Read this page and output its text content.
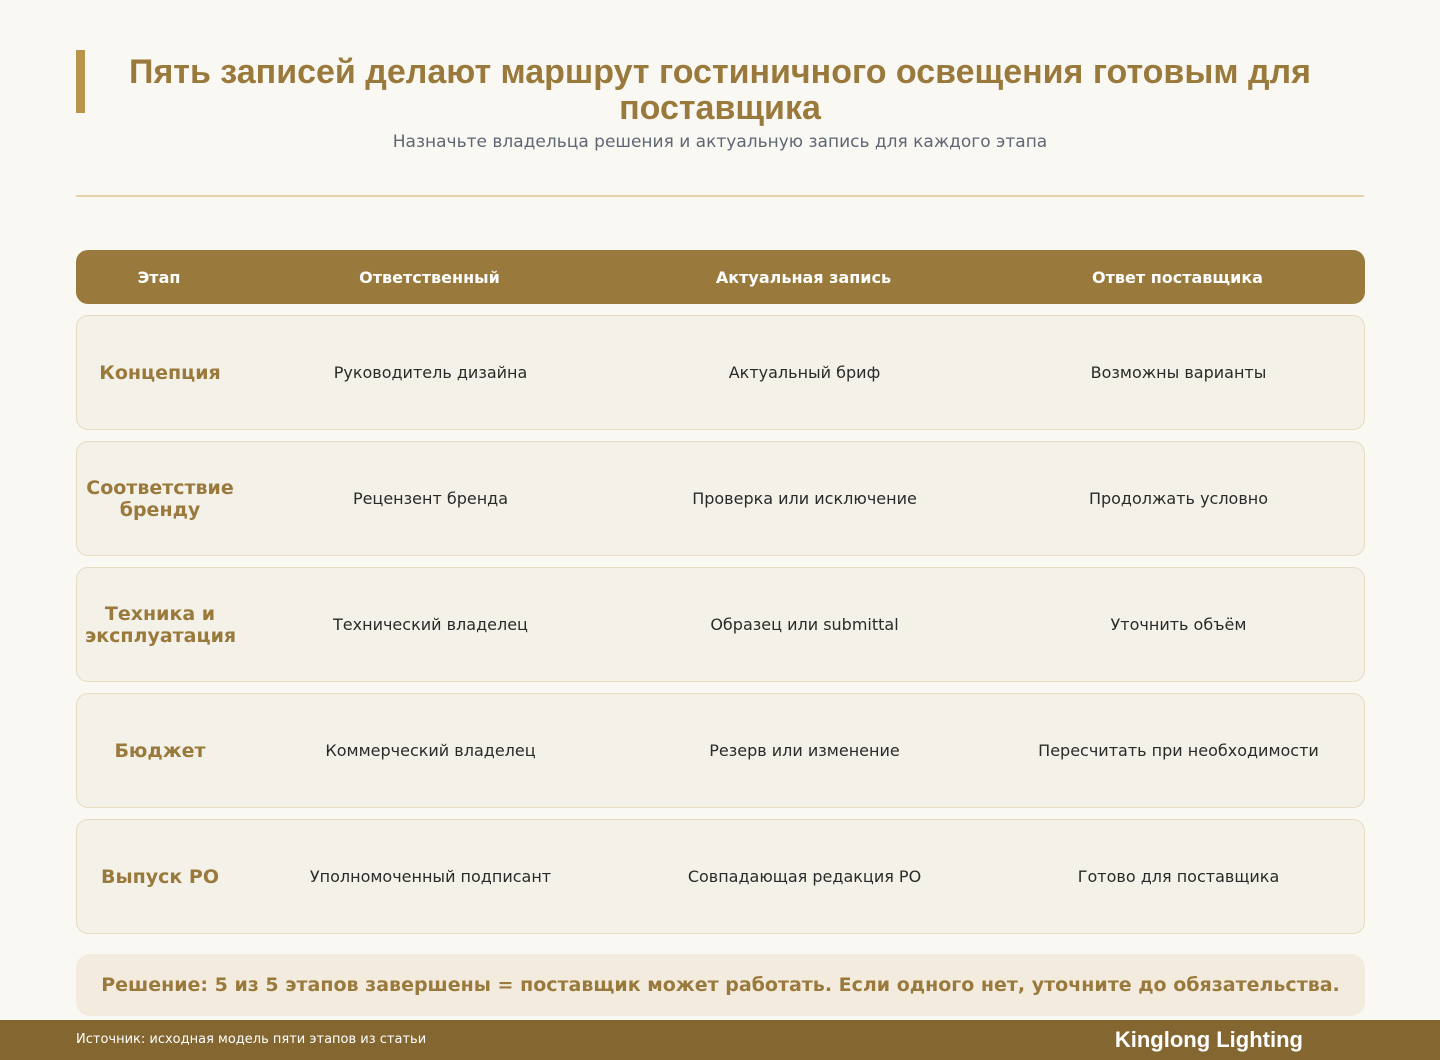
Пять записей делают маршрут гостиничного освещения готовым для поставщика
Назначьте владельца решения и актуальную запись для каждого этапа
Этап	Ответственный	Актуальная запись	Ответ поставщика
Концепция	Руководитель дизайна	Актуальный бриф	Возможны варианты
Соответствие бренду	Рецензент бренда	Проверка или исключение	Продолжать условно
Техника и эксплуатация	Технический владелец	Образец или submittal	Уточнить объём
Бюджет	Коммерческий владелец	Резерв или изменение	Пересчитать при необходимости
Выпуск PO	Уполномоченный подписант	Совпадающая редакция PO	Готово для поставщика
Решение: 5 из 5 этапов завершены = поставщик может работать. Если одного нет, уточните до обязательства.
Источник: исходная модель пяти этапов из статьи	Kinglong Lighting
